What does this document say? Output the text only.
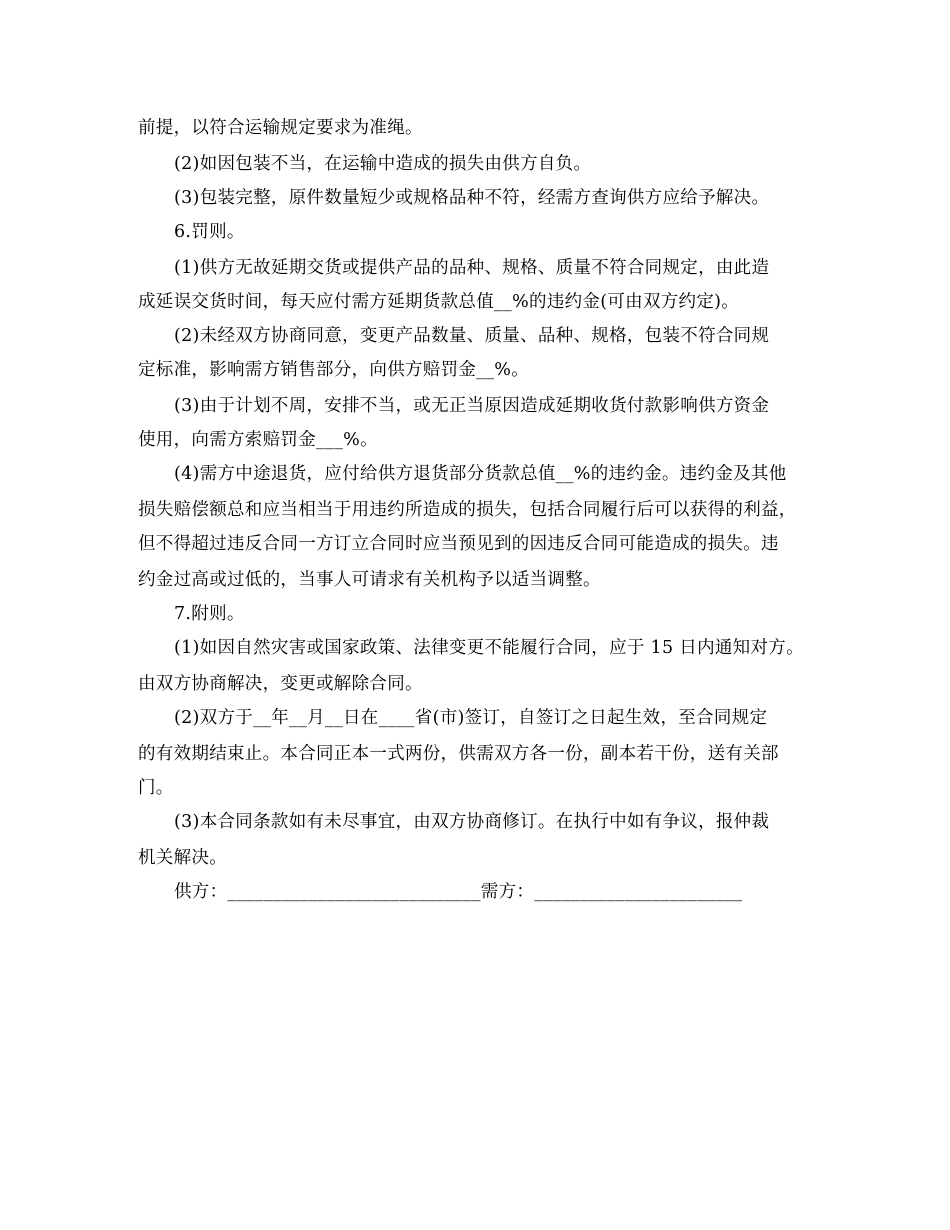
前提，以符合运输规定要求为准绳。
(2)如因包装不当，在运输中造成的损失由供方自负。
(3)包装完整，原件数量短少或规格品种不符，经需方查询供方应给予解决。
6.罚则。
(1)供方无故延期交货或提供产品的品种、规格、质量不符合同规定，由此造
成延误交货时间，每天应付需方延期货款总值__%的违约金(可由双方约定)。
(2)未经双方协商同意，变更产品数量、质量、品种、规格，包装不符合同规
定标准，影响需方销售部分，向供方赔罚金__%。
(3)由于计划不周，安排不当，或无正当原因造成延期收货付款影响供方资金
使用，向需方索赔罚金___%。
(4)需方中途退货，应付给供方退货部分货款总值__%的违约金。违约金及其他
损失赔偿额总和应当相当于用违约所造成的损失，包括合同履行后可以获得的利益，
但不得超过违反合同一方订立合同时应当预见到的因违反合同可能造成的损失。违
约金过高或过低的，当事人可请求有关机构予以适当调整。
7.附则。
(1)如因自然灾害或国家政策、法律变更不能履行合同，应于 15 日内通知对方。
由双方协商解决，变更或解除合同。
(2)双方于__年__月__日在____省(市)签订，自签订之日起生效，至合同规定
的有效期结束止。本合同正本一式两份，供需双方各一份，副本若干份，送有关部
门。
(3)本合同条款如有未尽事宜，由双方协商修订。在执行中如有争议，报仲裁
机关解决。
供方：____________________________需方：_______________________
